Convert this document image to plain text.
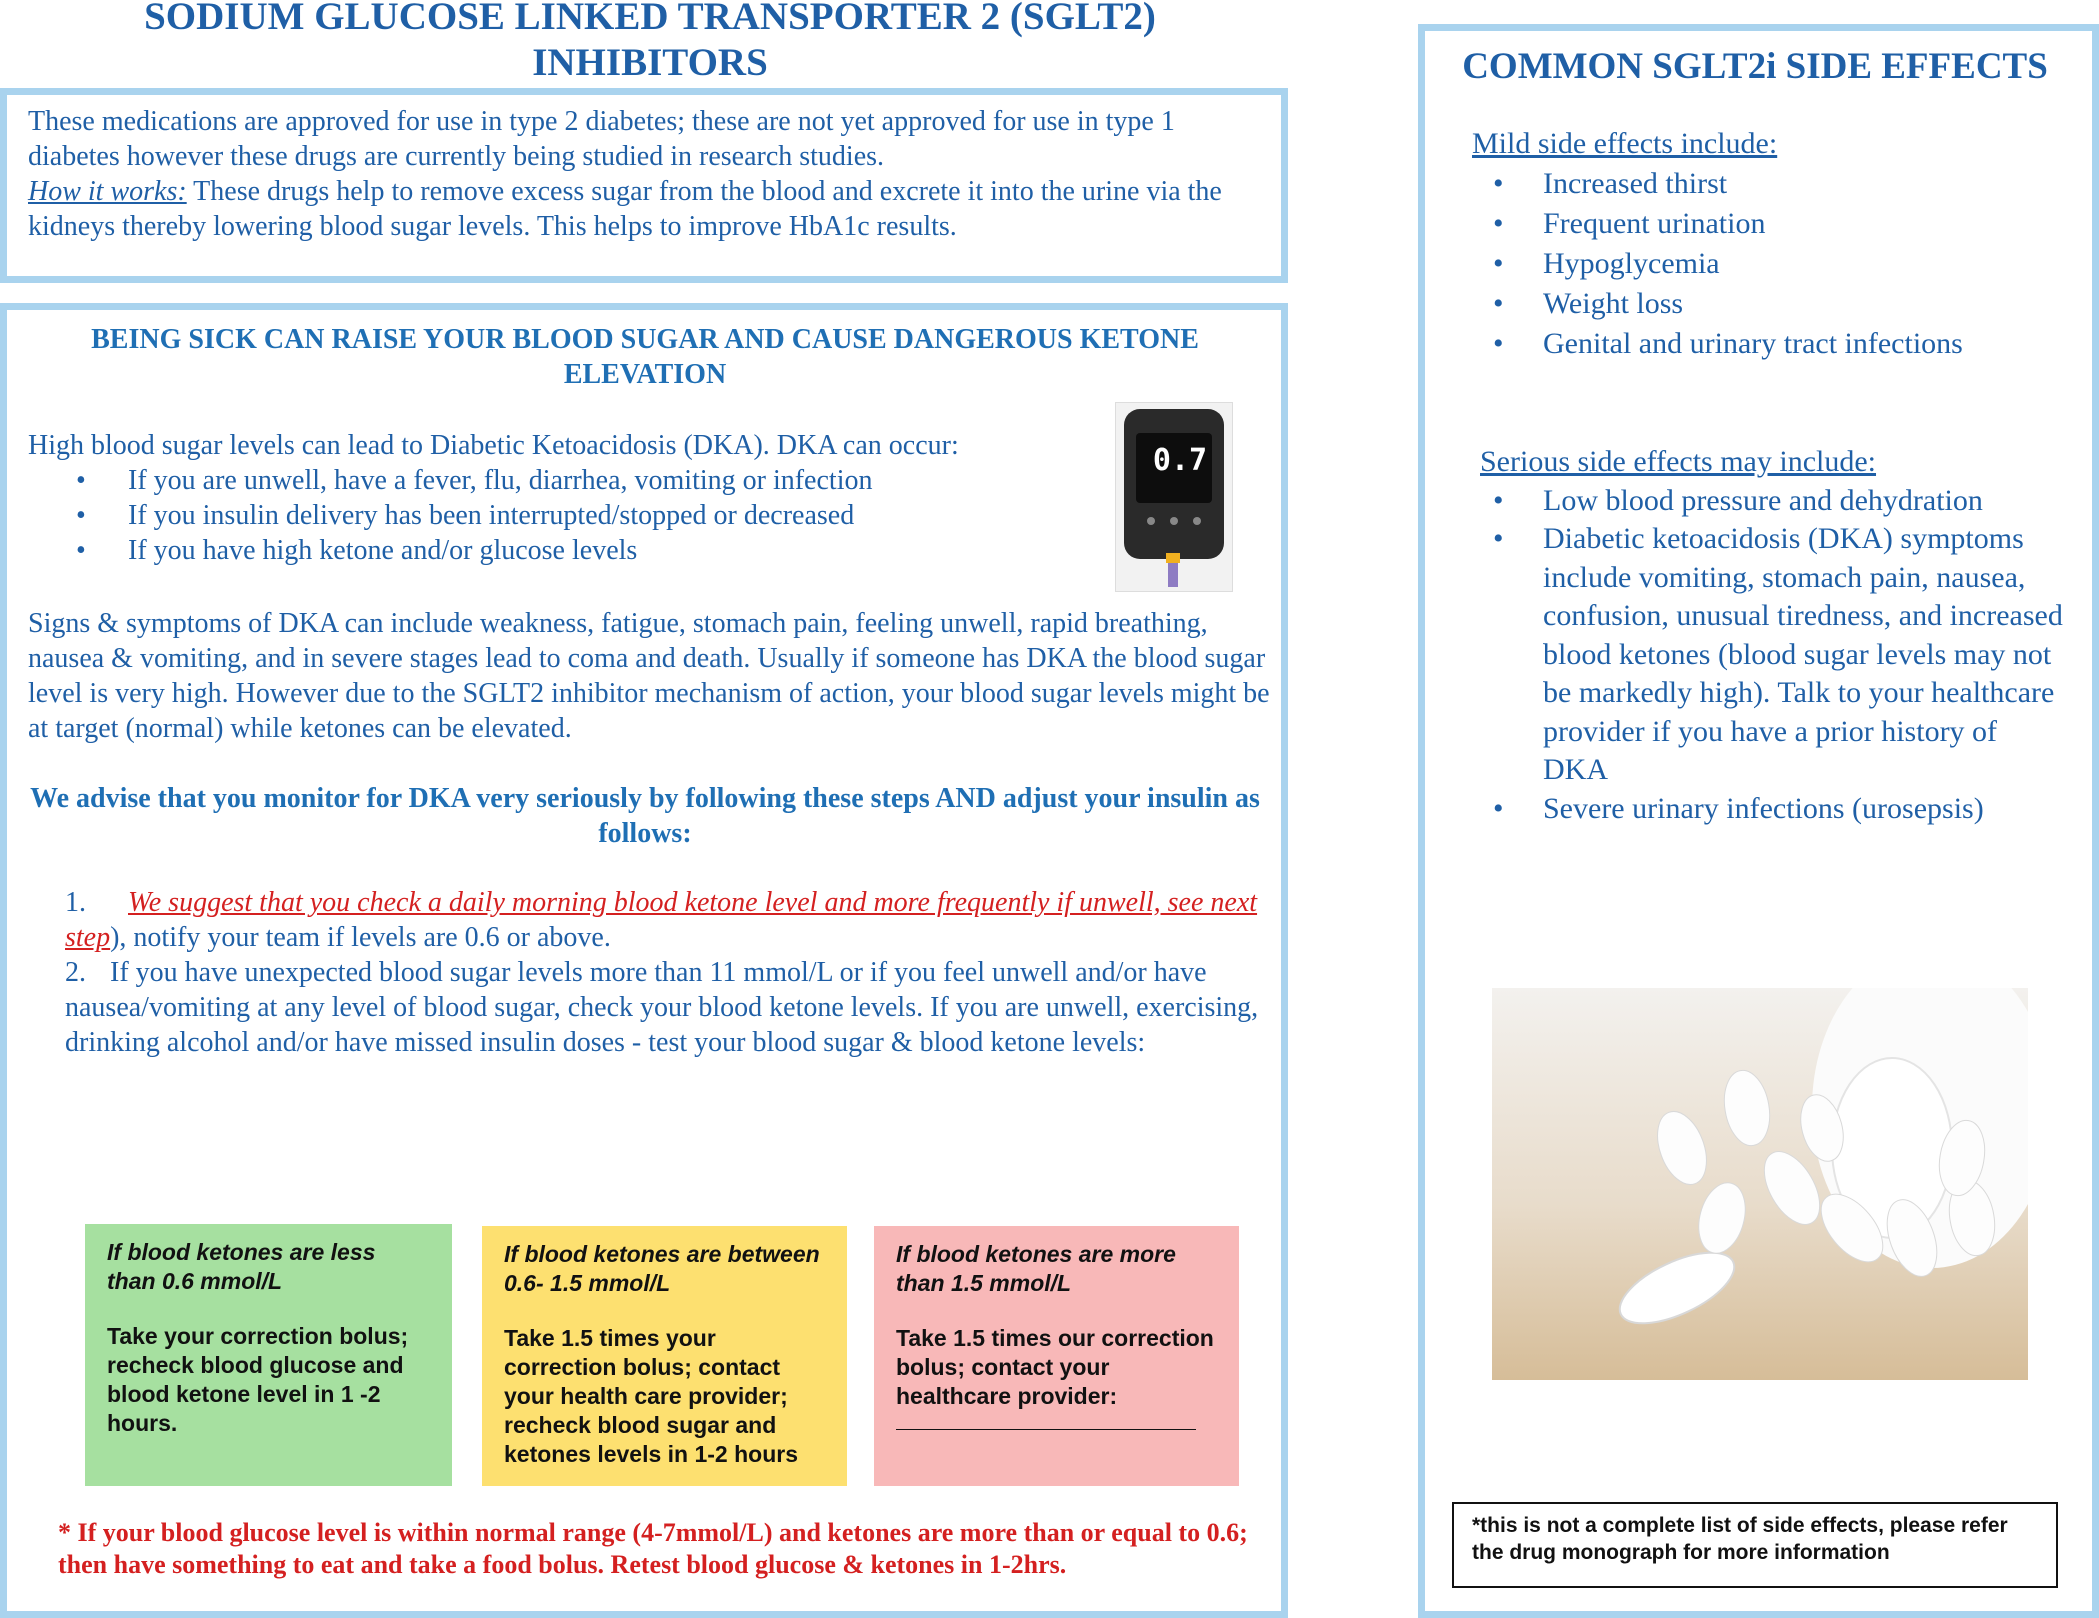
SODIUM GLUCOSE LINKED TRANSPORTER 2 (SGLT2)
INHIBITORS
These medications are approved for use in type 2 diabetes; these are not yet approved for use in type 1 diabetes however these drugs are currently being studied in research studies.
How it works: These drugs help to remove excess sugar from the blood and excrete it into the urine via the kidneys thereby lowering blood sugar levels. This helps to improve HbA1c results.
BEING SICK CAN RAISE YOUR BLOOD SUGAR AND CAUSE DANGEROUS KETONE ELEVATION
High blood sugar levels can lead to Diabetic Ketoacidosis (DKA). DKA can occur:
• If you are unwell, have a fever, flu, diarrhea, vomiting or infection
• If you insulin delivery has been interrupted/stopped or decreased
• If you have high ketone and/or glucose levels
0.7
Signs & symptoms of DKA can include weakness, fatigue, stomach pain, feeling unwell, rapid breathing, nausea & vomiting, and in severe stages lead to coma and death. Usually if someone has DKA the blood sugar level is very high. However due to the SGLT2 inhibitor mechanism of action, your blood sugar levels might be at target (normal) while ketones can be elevated.
We advise that you monitor for DKA very seriously by following these steps AND adjust your insulin as follows:
1. We suggest that you check a daily morning blood ketone level and more frequently if unwell, see next step), notify your team if levels are 0.6 or above.
2. If you have unexpected blood sugar levels more than 11 mmol/L or if you feel unwell and/or have nausea/vomiting at any level of blood sugar, check your blood ketone levels. If you are unwell, exercising, drinking alcohol and/or have missed insulin doses - test your blood sugar & blood ketone levels:
If blood ketones are less than 0.6 mmol/L
Take your correction bolus; recheck blood glucose and blood ketone level in 1 -2 hours.
If blood ketones are between 0.6- 1.5 mmol/L
Take 1.5 times your correction bolus; contact your health care provider; recheck blood sugar and ketones levels in 1-2 hours
If blood ketones are more than 1.5 mmol/L
Take 1.5 times our correction bolus; contact your healthcare provider:
* If your blood glucose level is within normal range (4-7mmol/L) and ketones are more than or equal to 0.6; then have something to eat and take a food bolus. Retest blood glucose & ketones in 1-2hrs.
COMMON SGLT2i SIDE EFFECTS
Mild side effects include:
• Increased thirst
• Frequent urination
• Hypoglycemia
• Weight loss
• Genital and urinary tract infections
Serious side effects may include:
• Low blood pressure and dehydration
• Diabetic ketoacidosis (DKA) symptoms include vomiting, stomach pain, nausea, confusion, unusual tiredness, and increased blood ketones (blood sugar levels may not be markedly high). Talk to your healthcare provider if you have a prior history of DKA
• Severe urinary infections (urosepsis)
*this is not a complete list of side effects, please refer the drug monograph for more information
